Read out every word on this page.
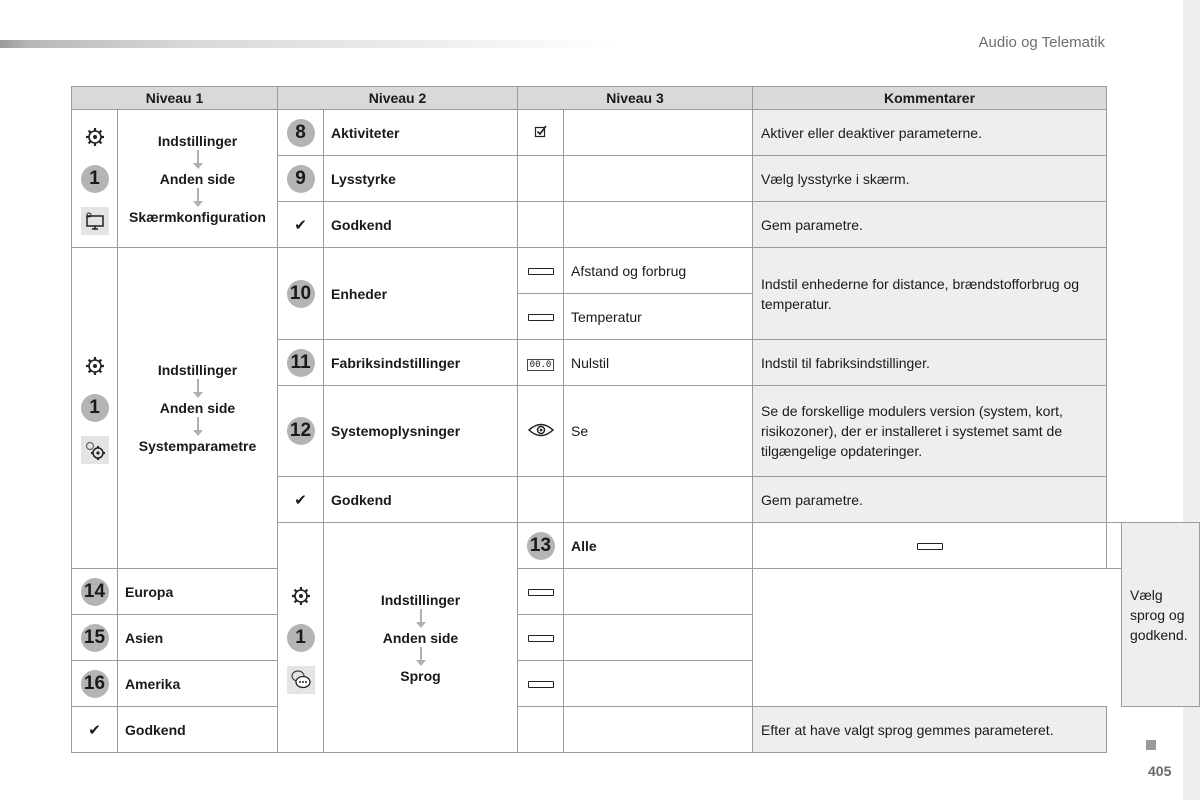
Audio og Telematik
Niveau 1		Niveau 2		Niveau 3		Kommentarer		

1	Indstillinger
Anden side
Skærmkonfiguration	8	Aktiviteter			Aktiver eller deaktiver parameterne.		
		9	Lysstyrke			Vælg lysstyrke i skærm.		
		✔	Godkend			Gem parametre.		

1	Indstillinger
Anden side
Systemparametre	10	Enheder		Afstand og forbrug	Indstil enhederne for distance, brændstofforbrug og temperatur.		
					Temperatur			
		11	Fabriksindstillinger	00.0	Nulstil	Indstil til fabriksindstillinger.		
		12	Systemoplysninger		Se	Se de forskellige modulers version (system, kort, risikozoner), der er installeret i systemet samt de tilgængelige opdateringer.		
		✔	Godkend			Gem parametre.		

1	Indstillinger
Anden side
Sprog	13	Alle			Vælg sprog og godkend.
14	Europa							
15	Asien							
16	Amerika							
✔	Godkend					Efter at have valgt sprog gemmes parameteret.		
405
